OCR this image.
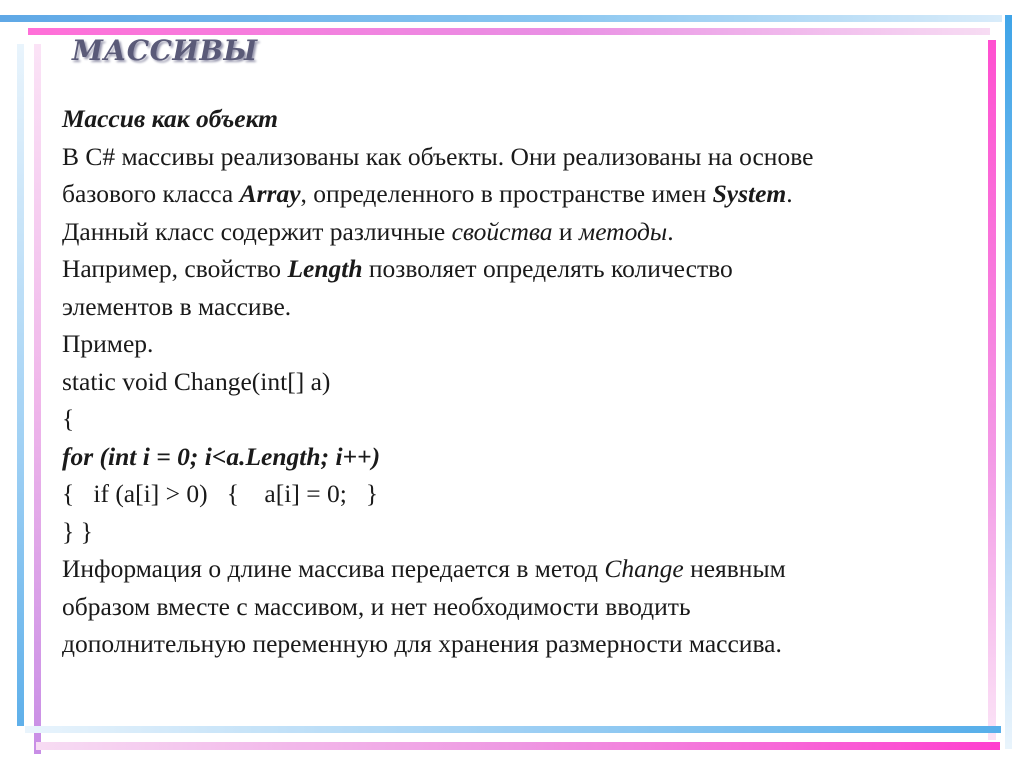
МАССИВЫ
Массив как объект
В C# массивы реализованы как объекты. Они реализованы на основе
базового класса Array, определенного в пространстве имен System.
Данный класс содержит различные свойства и методы.
Например, свойство Length позволяет определять количество
элементов в массиве.
Пример.
static void Change(int[] a)
{
for (int i = 0; i<a.Length; i++)
{   if (a[i] > 0)   {    a[i] = 0;   }
} }
Информация о длине массива передается в метод Change неявным
образом вместе с массивом, и нет необходимости вводить
дополнительную переменную для хранения размерности массива.
